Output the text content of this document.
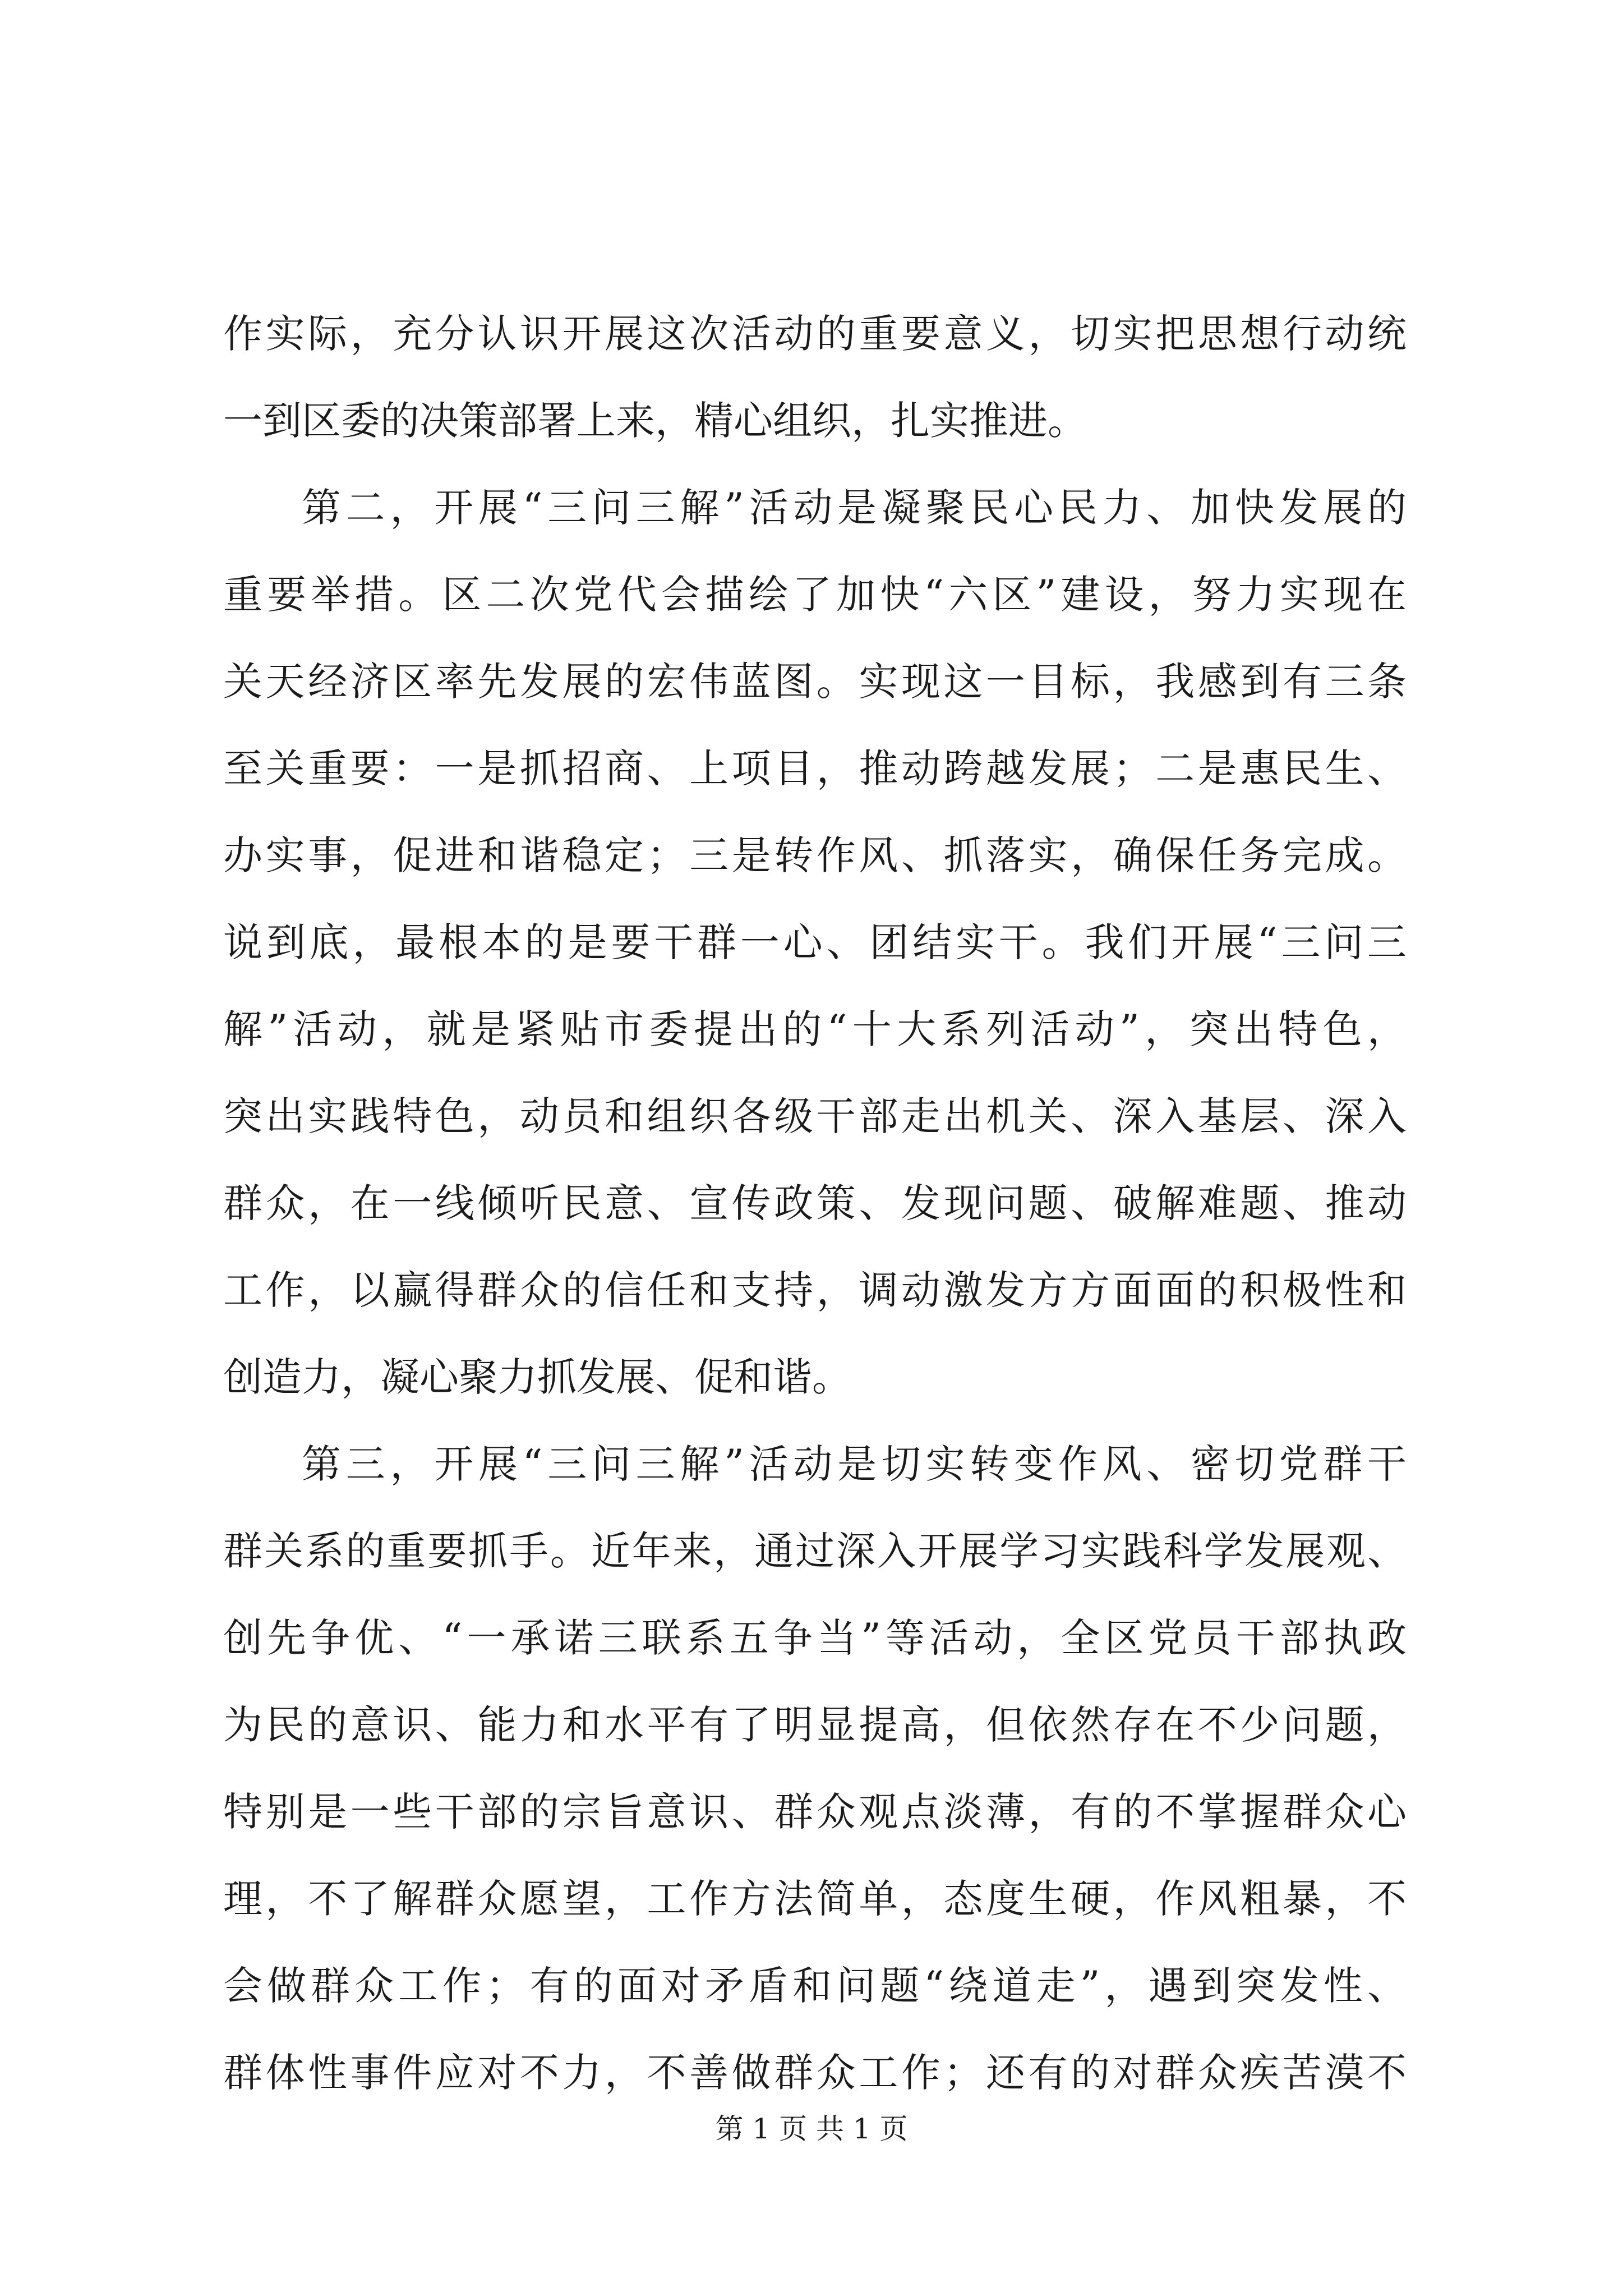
作实际，充分认识开展这次活动的重要意义，切实把思想行动统
一到区委的决策部署上来，精心组织，扎实推进。
第二，开展“三问三解”活动是凝聚民心民力、加快发展的
重要举措。区二次党代会描绘了加快“六区”建设，努力实现在
关天经济区率先发展的宏伟蓝图。实现这一目标，我感到有三条
至关重要：一是抓招商、上项目，推动跨越发展；二是惠民生、
办实事，促进和谐稳定；三是转作风、抓落实，确保任务完成。
说到底，最根本的是要干群一心、团结实干。我们开展“三问三
解”活动，就是紧贴市委提出的“十大系列活动”，突出特色，
突出实践特色，动员和组织各级干部走出机关、深入基层、深入
群众，在一线倾听民意、宣传政策、发现问题、破解难题、推动
工作，以赢得群众的信任和支持，调动激发方方面面的积极性和
创造力，凝心聚力抓发展、促和谐。
第三，开展“三问三解”活动是切实转变作风、密切党群干
群关系的重要抓手。近年来，通过深入开展学习实践科学发展观、
创先争优、“一承诺三联系五争当”等活动，全区党员干部执政
为民的意识、能力和水平有了明显提高，但依然存在不少问题，
特别是一些干部的宗旨意识、群众观点淡薄，有的不掌握群众心
理，不了解群众愿望，工作方法简单，态度生硬，作风粗暴，不
会做群众工作；有的面对矛盾和问题“绕道走”，遇到突发性、
群体性事件应对不力，不善做群众工作；还有的对群众疾苦漠不
第 1 页 共 1 页
